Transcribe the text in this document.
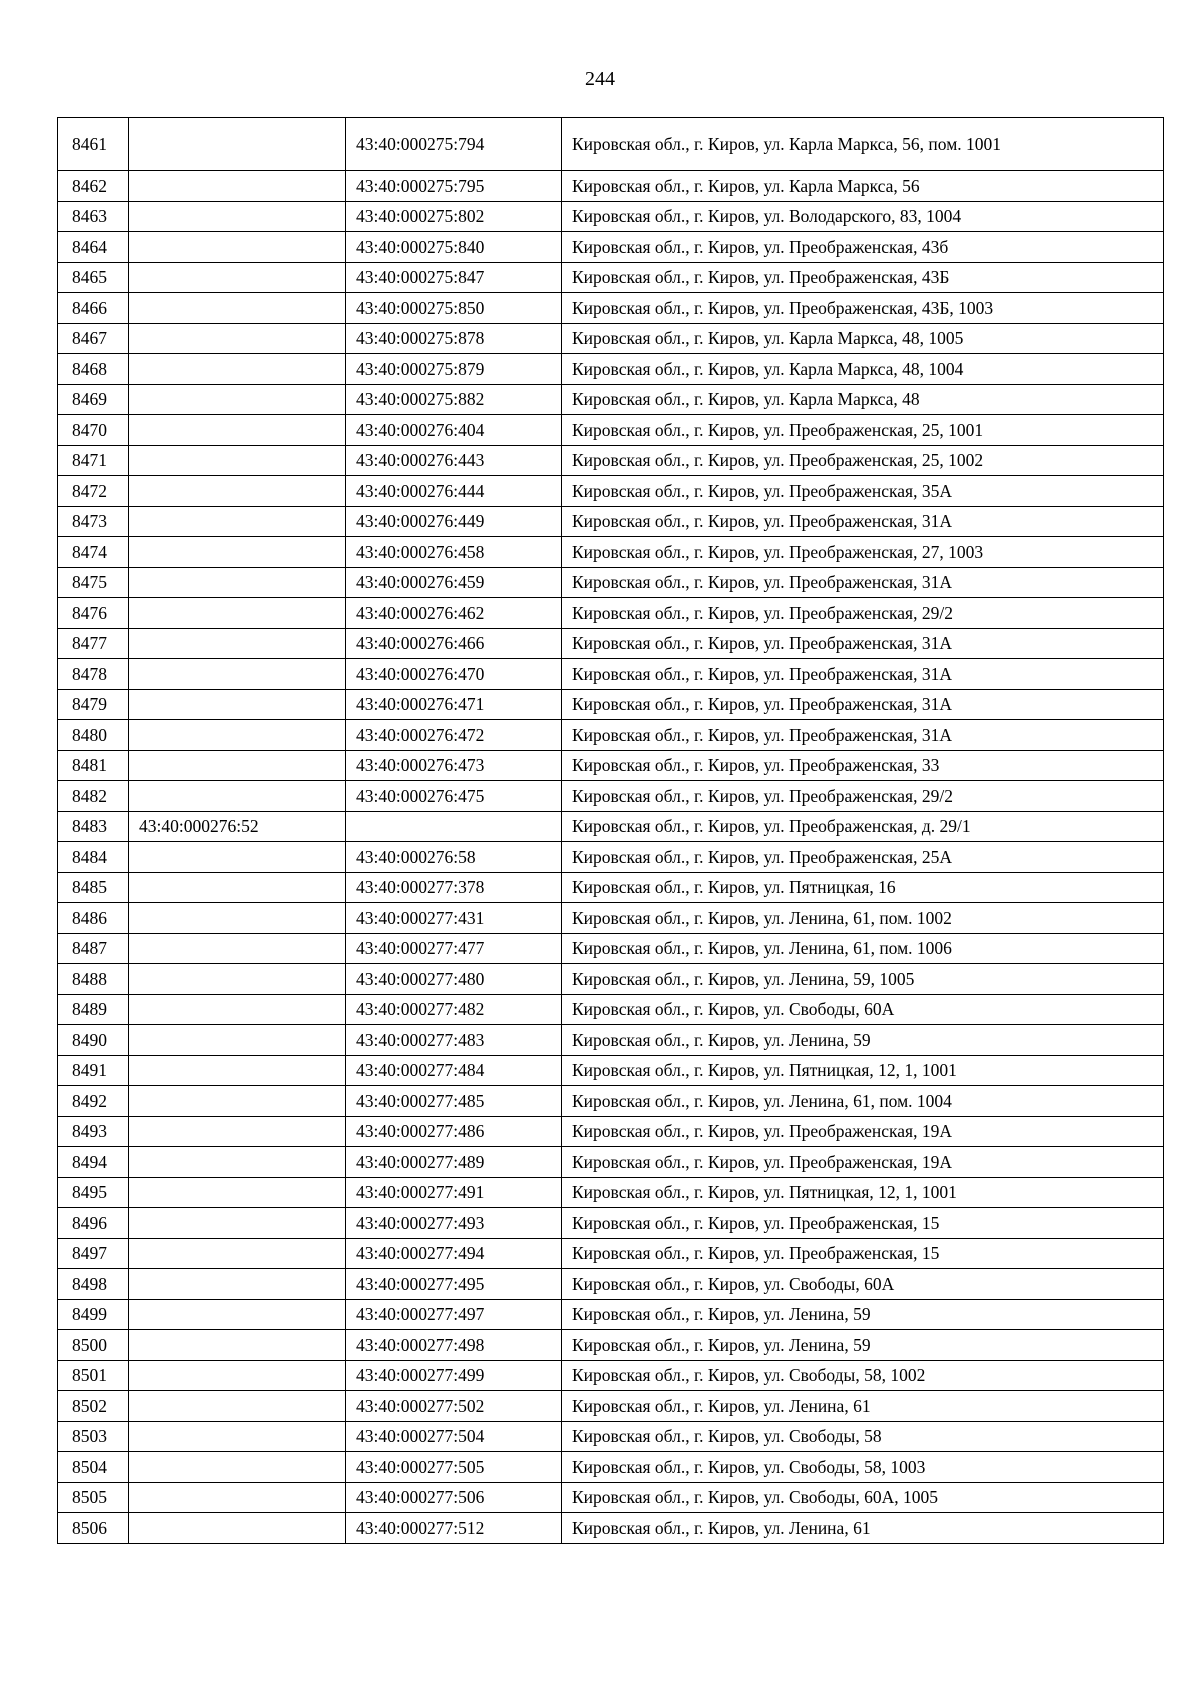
244
8461		43:40:000275:794	Кировская обл., г. Киров, ул. Карла Маркса, 56, пом. 1001
8462		43:40:000275:795	Кировская обл., г. Киров, ул. Карла Маркса, 56
8463		43:40:000275:802	Кировская обл., г. Киров, ул. Володарского, 83, 1004
8464		43:40:000275:840	Кировская обл., г. Киров, ул. Преображенская, 43б
8465		43:40:000275:847	Кировская обл., г. Киров, ул. Преображенская, 43Б
8466		43:40:000275:850	Кировская обл., г. Киров, ул. Преображенская, 43Б, 1003
8467		43:40:000275:878	Кировская обл., г. Киров, ул. Карла Маркса, 48, 1005
8468		43:40:000275:879	Кировская обл., г. Киров, ул. Карла Маркса, 48, 1004
8469		43:40:000275:882	Кировская обл., г. Киров, ул. Карла Маркса, 48
8470		43:40:000276:404	Кировская обл., г. Киров, ул. Преображенская, 25, 1001
8471		43:40:000276:443	Кировская обл., г. Киров, ул. Преображенская, 25, 1002
8472		43:40:000276:444	Кировская обл., г. Киров, ул. Преображенская, 35А
8473		43:40:000276:449	Кировская обл., г. Киров, ул. Преображенская, 31А
8474		43:40:000276:458	Кировская обл., г. Киров, ул. Преображенская, 27, 1003
8475		43:40:000276:459	Кировская обл., г. Киров, ул. Преображенская, 31А
8476		43:40:000276:462	Кировская обл., г. Киров, ул. Преображенская, 29/2
8477		43:40:000276:466	Кировская обл., г. Киров, ул. Преображенская, 31А
8478		43:40:000276:470	Кировская обл., г. Киров, ул. Преображенская, 31А
8479		43:40:000276:471	Кировская обл., г. Киров, ул. Преображенская, 31А
8480		43:40:000276:472	Кировская обл., г. Киров, ул. Преображенская, 31А
8481		43:40:000276:473	Кировская обл., г. Киров, ул. Преображенская, 33
8482		43:40:000276:475	Кировская обл., г. Киров, ул. Преображенская, 29/2
8483	43:40:000276:52		Кировская обл., г. Киров, ул. Преображенская, д. 29/1
8484		43:40:000276:58	Кировская обл., г. Киров, ул. Преображенская, 25А
8485		43:40:000277:378	Кировская обл., г. Киров, ул. Пятницкая, 16
8486		43:40:000277:431	Кировская обл., г. Киров, ул. Ленина, 61, пом. 1002
8487		43:40:000277:477	Кировская обл., г. Киров, ул. Ленина, 61, пом. 1006
8488		43:40:000277:480	Кировская обл., г. Киров, ул. Ленина, 59, 1005
8489		43:40:000277:482	Кировская обл., г. Киров, ул. Свободы, 60А
8490		43:40:000277:483	Кировская обл., г. Киров, ул. Ленина, 59
8491		43:40:000277:484	Кировская обл., г. Киров, ул. Пятницкая, 12, 1, 1001
8492		43:40:000277:485	Кировская обл., г. Киров, ул. Ленина, 61, пом. 1004
8493		43:40:000277:486	Кировская обл., г. Киров, ул. Преображенская, 19А
8494		43:40:000277:489	Кировская обл., г. Киров, ул. Преображенская, 19А
8495		43:40:000277:491	Кировская обл., г. Киров, ул. Пятницкая, 12, 1, 1001
8496		43:40:000277:493	Кировская обл., г. Киров, ул. Преображенская, 15
8497		43:40:000277:494	Кировская обл., г. Киров, ул. Преображенская, 15
8498		43:40:000277:495	Кировская обл., г. Киров, ул. Свободы, 60А
8499		43:40:000277:497	Кировская обл., г. Киров, ул. Ленина, 59
8500		43:40:000277:498	Кировская обл., г. Киров, ул. Ленина, 59
8501		43:40:000277:499	Кировская обл., г. Киров, ул. Свободы, 58, 1002
8502		43:40:000277:502	Кировская обл., г. Киров, ул. Ленина, 61
8503		43:40:000277:504	Кировская обл., г. Киров, ул. Свободы, 58
8504		43:40:000277:505	Кировская обл., г. Киров, ул. Свободы, 58, 1003
8505		43:40:000277:506	Кировская обл., г. Киров, ул. Свободы, 60А, 1005
8506		43:40:000277:512	Кировская обл., г. Киров, ул. Ленина, 61
